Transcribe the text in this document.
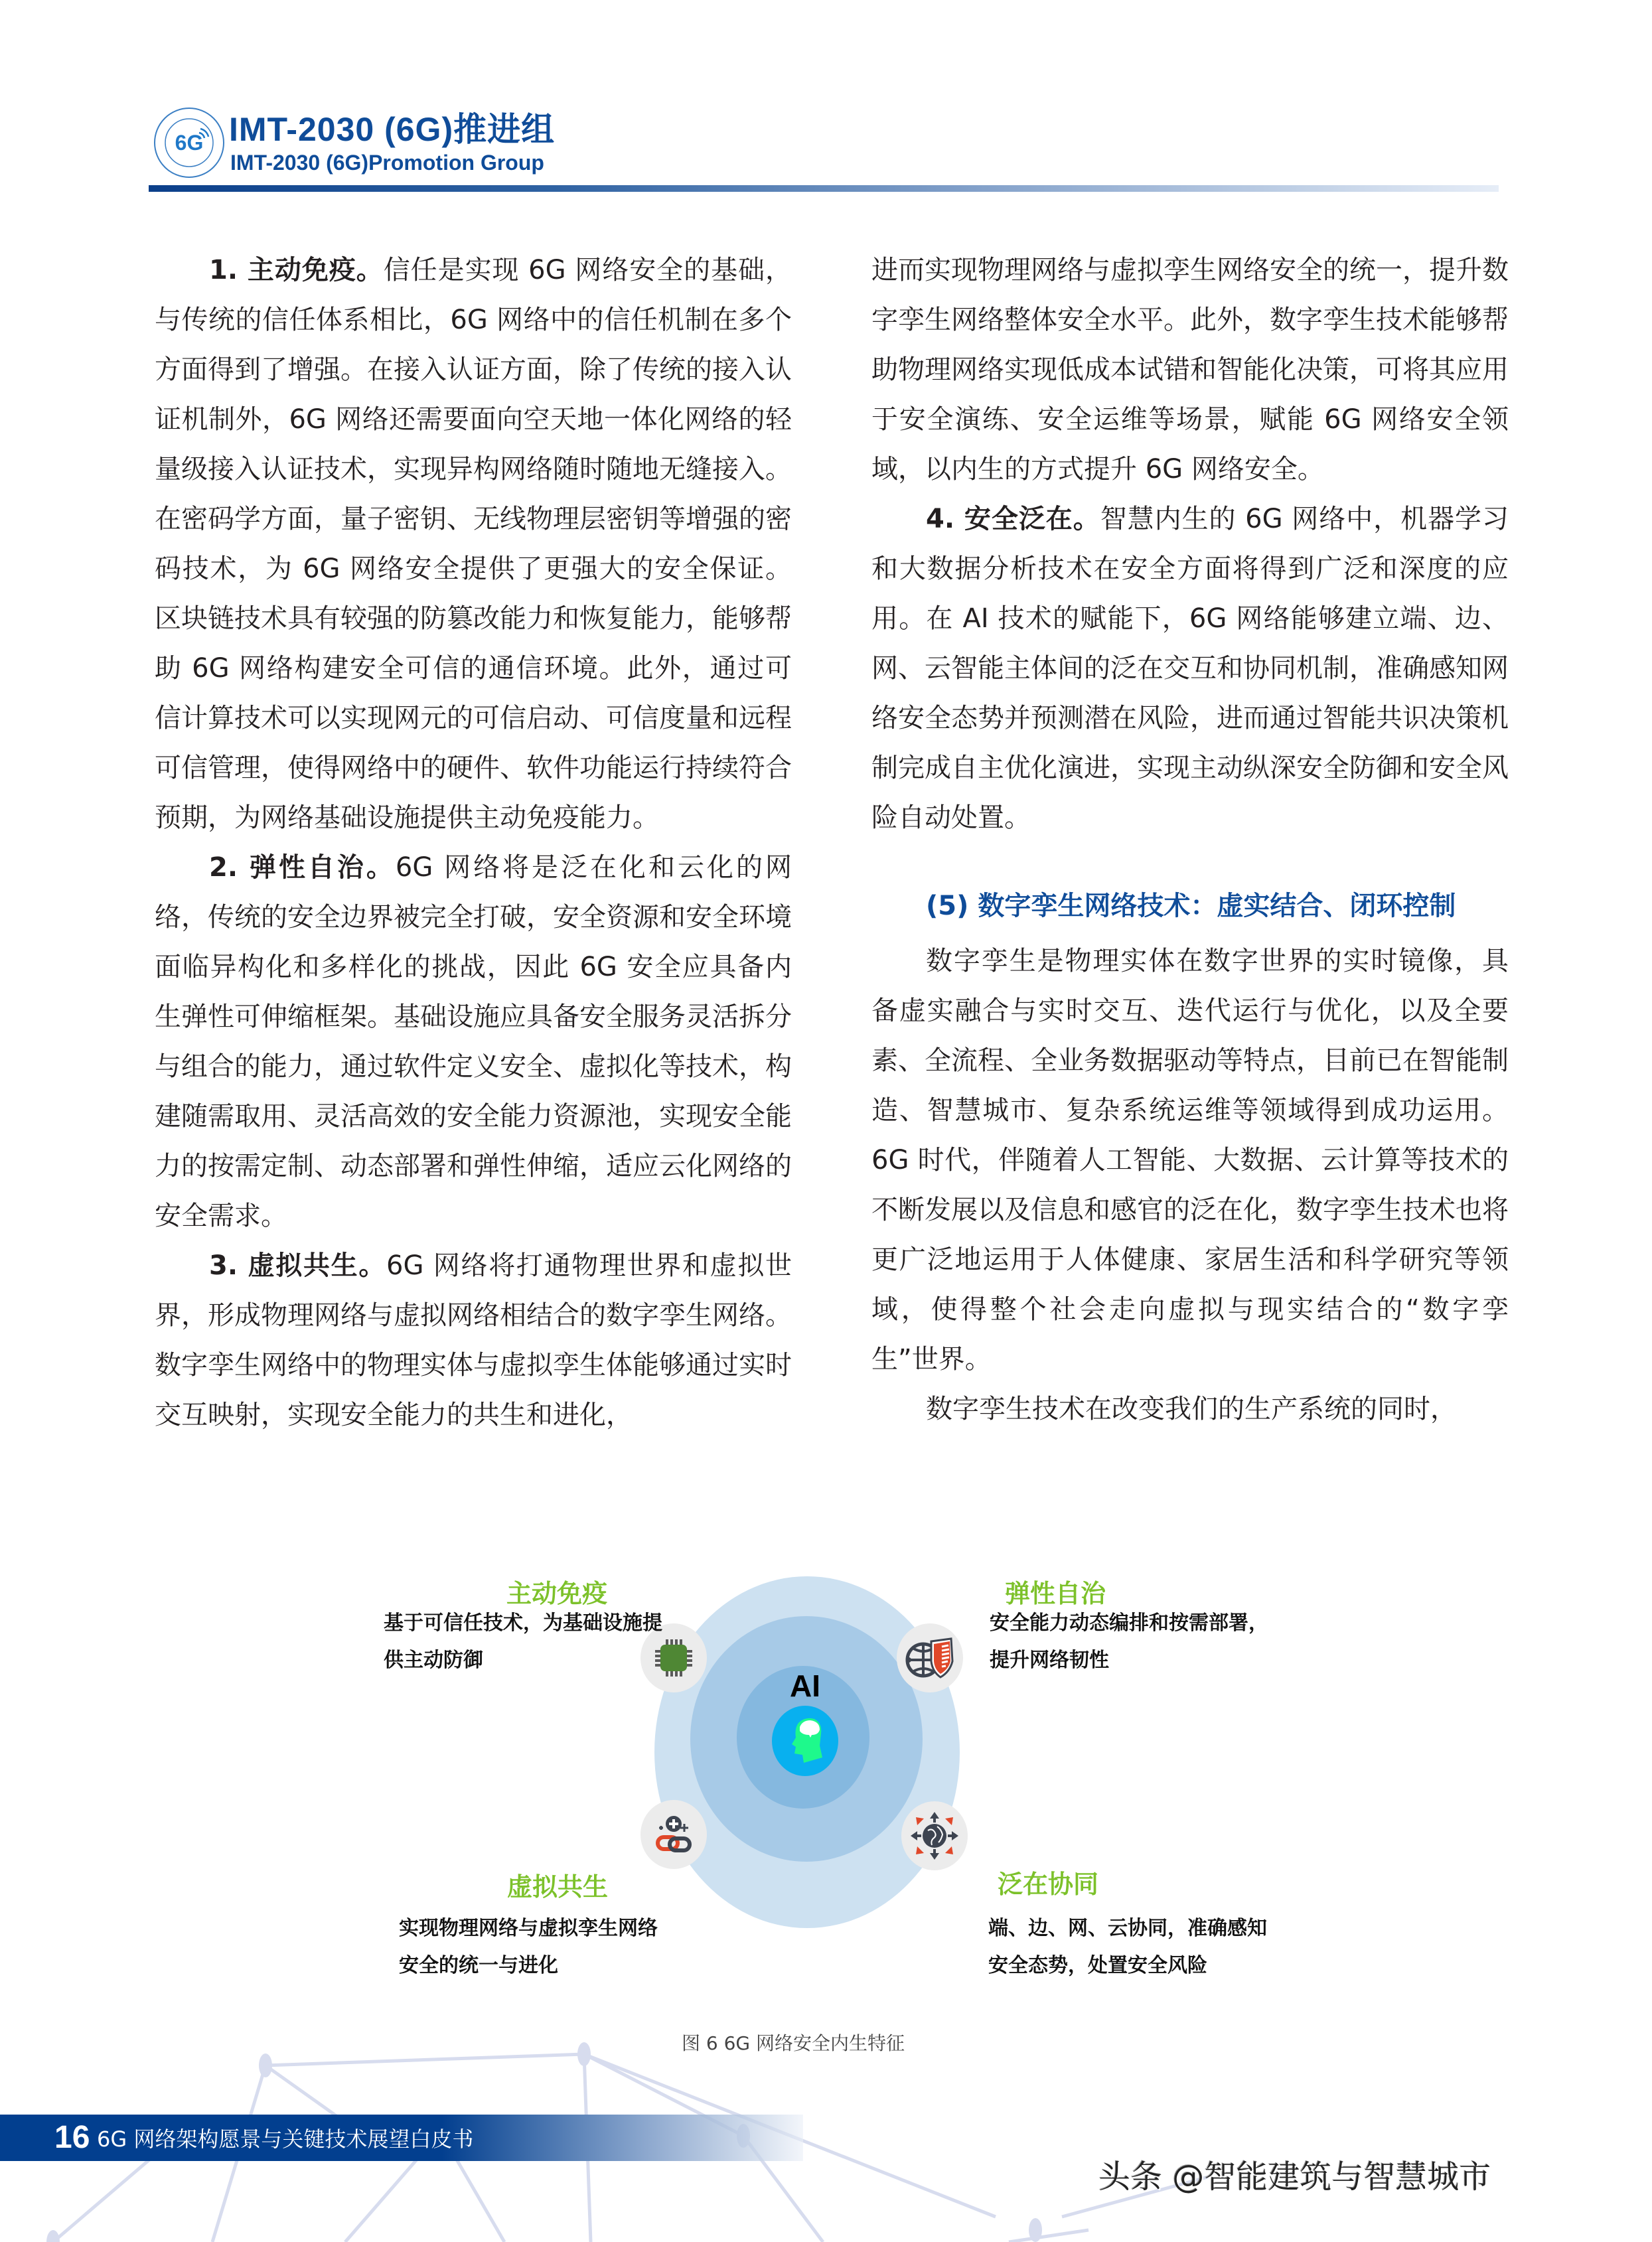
6G IMT-2030 (6G)推进组
IMT-2030 (6G)Promotion Group

1. 主动免疫。信任是实现 6G 网络安全的基础，与传统的信任体系相比，6G 网络中的信任机制在多个方面得到了增强。在接入认证方面，除了传统的接入认证机制外，6G 网络还需要面向空天地一体化网络的轻量级接入认证技术，实现异构网络随时随地无缝接入。在密码学方面，量子密钥、无线物理层密钥等增强的密码技术，为 6G 网络安全提供了更强大的安全保证。区块链技术具有较强的防篡改能力和恢复能力，能够帮助 6G 网络构建安全可信的通信环境。此外，通过可信计算技术可以实现网元的可信启动、可信度量和远程可信管理，使得网络中的硬件、软件功能运行持续符合预期，为网络基础设施提供主动免疫能力。

2. 弹性自治。6G 网络将是泛在化和云化的网络，传统的安全边界被完全打破，安全资源和安全环境面临异构化和多样化的挑战，因此 6G 安全应具备内生弹性可伸缩框架。基础设施应具备安全服务灵活拆分与组合的能力，通过软件定义安全、虚拟化等技术，构建随需取用、灵活高效的安全能力资源池，实现安全能力的按需定制、动态部署和弹性伸缩，适应云化网络的安全需求。

3. 虚拟共生。6G 网络将打通物理世界和虚拟世界，形成物理网络与虚拟网络相结合的数字孪生网络。数字孪生网络中的物理实体与虚拟孪生体能够通过实时交互映射，实现安全能力的共生和进化，

进而实现物理网络与虚拟孪生网络安全的统一，提升数字孪生网络整体安全水平。此外，数字孪生技术能够帮助物理网络实现低成本试错和智能化决策，可将其应用于安全演练、安全运维等场景，赋能 6G 网络安全领域，以内生的方式提升 6G 网络安全。

4. 安全泛在。智慧内生的 6G 网络中，机器学习和大数据分析技术在安全方面将得到广泛和深度的应用。在 AI 技术的赋能下，6G 网络能够建立端、边、网、云智能主体间的泛在交互和协同机制，准确感知网络安全态势并预测潜在风险，进而通过智能共识决策机制完成自主优化演进，实现主动纵深安全防御和安全风险自动处置。

(5) 数字孪生网络技术：虚实结合、闭环控制

数字孪生是物理实体在数字世界的实时镜像，具备虚实融合与实时交互、迭代运行与优化，以及全要素、全流程、全业务数据驱动等特点，目前已在智能制造、智慧城市、复杂系统运维等领域得到成功运用。6G 时代，伴随着人工智能、大数据、云计算等技术的不断发展以及信息和感官的泛在化，数字孪生技术也将更广泛地运用于人体健康、家居生活和科学研究等领域，使得整个社会走向虚拟与现实结合的“数字孪生”世界。

数字孪生技术在改变我们的生产系统的同时，

AI
主动免疫
基于可信任技术，为基础设施提供主动防御
弹性自治
安全能力动态编排和按需部署，提升网络韧性
虚拟共生
实现物理网络与虚拟孪生网络安全的统一与进化
泛在协同
端、边、网、云协同，准确感知安全态势，处置安全风险
图 6 6G 网络安全内生特征
16 6G 网络架构愿景与关键技术展望白皮书
头条 @智能建筑与智慧城市
